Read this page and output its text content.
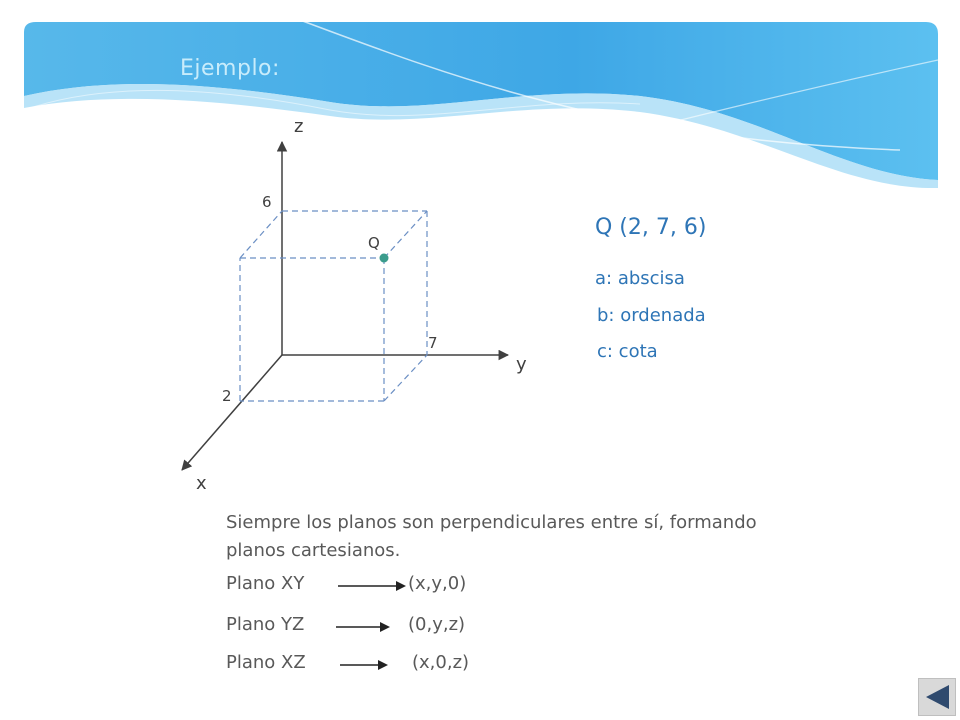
Ejemplo:
z
y
x
6
7
2
Q
Q (2, 7, 6)
a: abscisa
b: ordenada
c: cota
Siempre los planos son perpendiculares entre sí, formando planos cartesianos.
Plano XY	(x,y,0)
Plano YZ	(0,y,z)
Plano XZ	(x,0,z)
